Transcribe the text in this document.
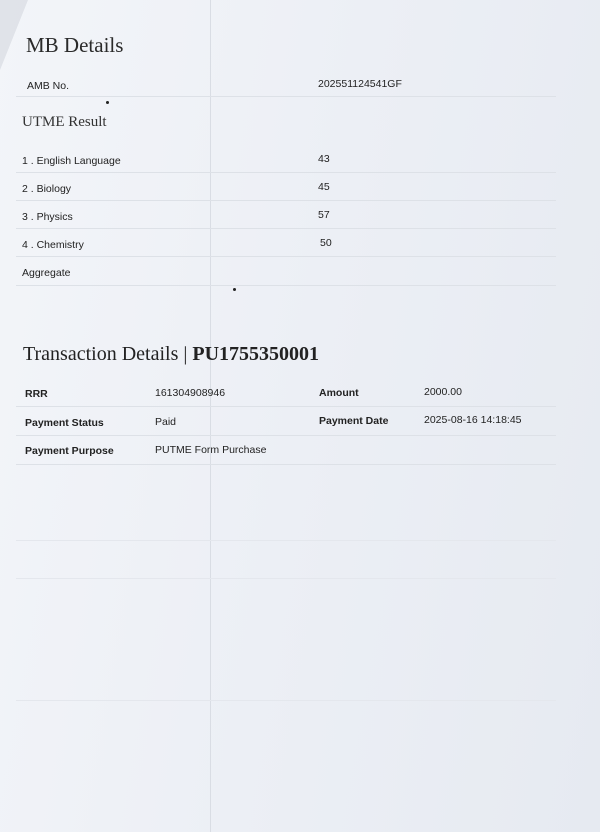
MB Details
AMB No.	202551124541GF
UTME Result
1 . English Language	43
2 . Biology	45
3 . Physics	57
4 . Chemistry	50
Aggregate
Transaction Details | PU1755350001
RRR	161304908946	Amount	2000.00
Payment Status	Paid	Payment Date	2025-08-16 14:18:45
Payment Purpose	PUTME Form Purchase
